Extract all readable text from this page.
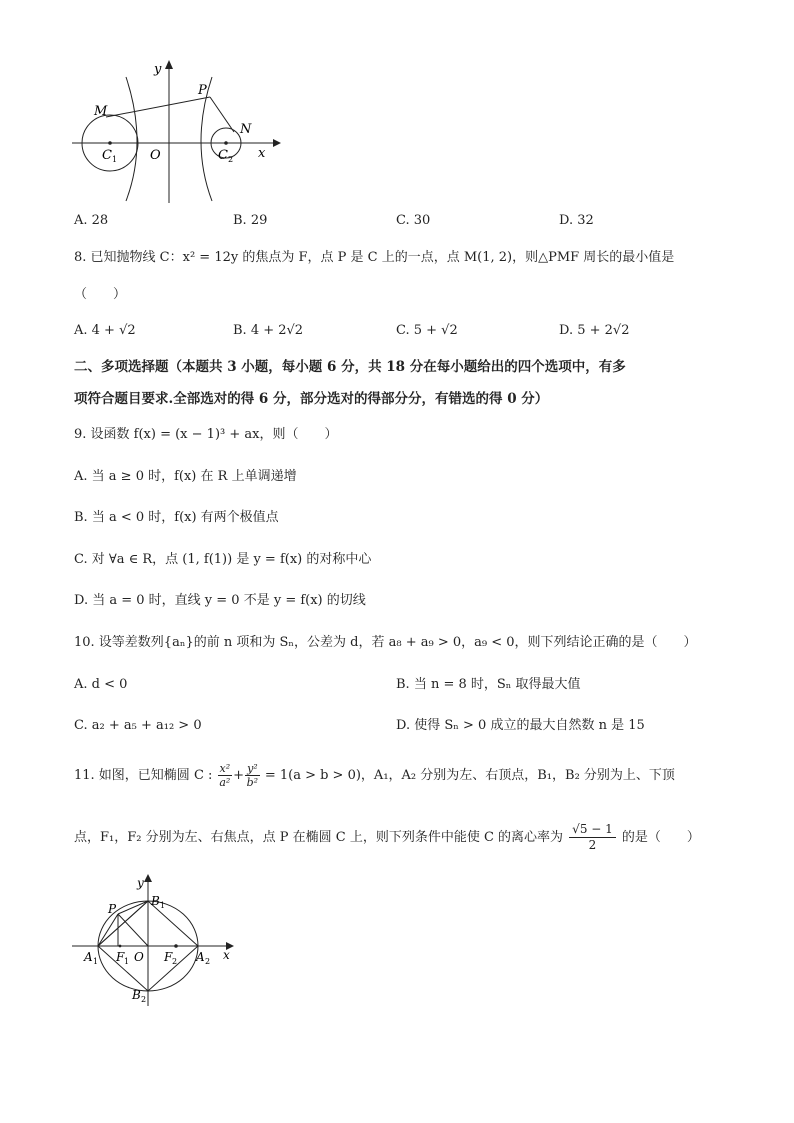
y
P
M
N
C 1	O	C 2 x
A. 28	B. 29	C. 30	D. 32
8. 已知抛物线 C：x² = 12y 的焦点为 F，点 P 是 C 上的一点，点 M(1, 2)，则△PMF 周长的最小值是
（　　）
A. 4 + √2	B. 4 + 2√2	C. 5 + √2	D. 5 + 2√2
二、多项选择题（本题共 3 小题，每小题 6 分，共 18 分在每小题给出的四个选项中，有多
项符合题目要求.全部选对的得 6 分，部分选对的得部分分，有错选的得 0 分）
9. 设函数 f(x) = (x − 1)³ + ax，则（　　）
A. 当 a ≥ 0 时，f(x) 在 R 上单调递增
B. 当 a < 0 时，f(x) 有两个极值点
C. 对 ∀a ∈ R，点 (1, f(1)) 是 y = f(x) 的对称中心
D. 当 a = 0 时，直线 y = 0 不是 y = f(x) 的切线
10. 设等差数列{aₙ}的前 n 项和为 Sₙ，公差为 d，若 a₈ + a₉ > 0，a₉ < 0，则下列结论正确的是（　　）
A. d < 0	B. 当 n = 8 时，Sₙ 取得最大值
C. a₂ + a₅ + a₁₂ > 0	D. 使得 Sₙ > 0 成立的最大自然数 n 是 15
11. 如图，已知椭圆 C : $\frac{\text{x²}}{\text{a²}} + \frac{\text{y²}}{\text{b²}} = 1(a > b > 0)$，A₁，A₂ 分别为左、右顶点，B₁，B₂ 分别为上、下顶
点，F₁，F₂ 分别为左、右焦点，点 P 在椭圆 C 上，则下列条件中能使 C 的离心率为 $\frac{√5 - 1}{2}$ 的是（　　）
y
B 1
P
A 1 F 1 O F 2 A 2 x
B 2
